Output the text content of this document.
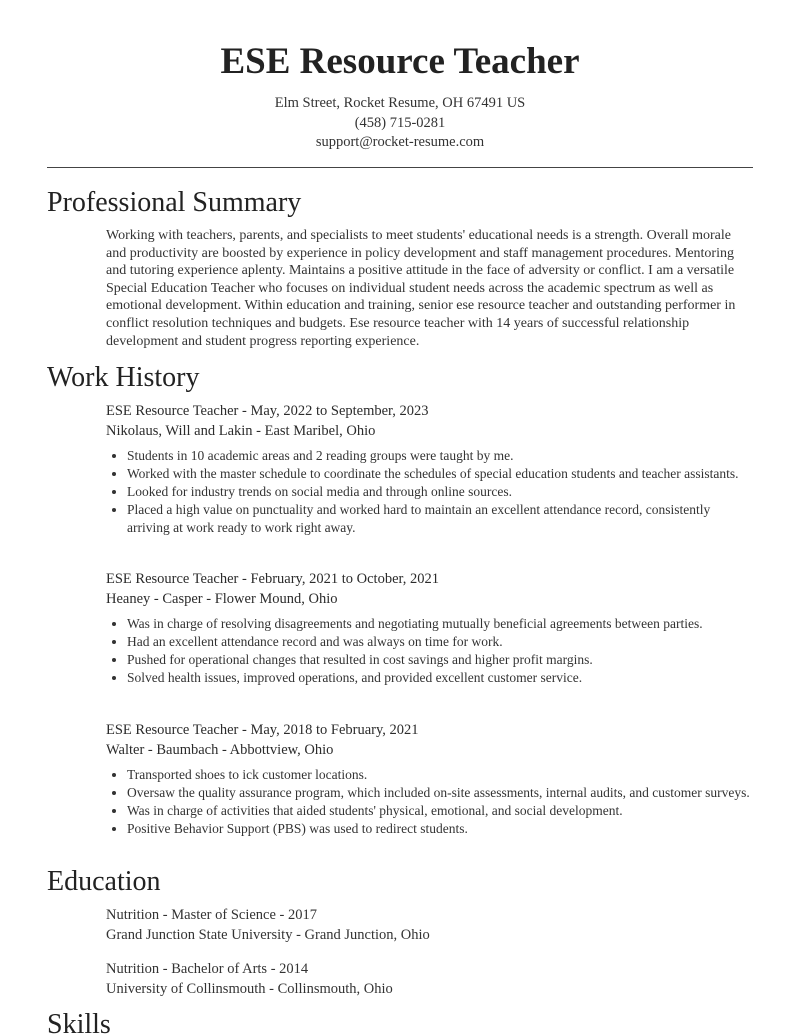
ESE Resource Teacher
Elm Street, Rocket Resume, OH 67491 US
(458) 715-0281
support@rocket-resume.com
Professional Summary

Working with teachers, parents, and specialists to meet students' educational needs is a strength. Overall morale and productivity are boosted by experience in policy development and staff management procedures. Mentoring and tutoring experience aplenty. Maintains a positive attitude in the face of adversity or conflict. I am a versatile Special Education Teacher who focuses on individual student needs across the academic spectrum as well as emotional development. Within education and training, senior ese resource teacher and outstanding performer in conflict resolution techniques and budgets. Ese resource teacher with 14 years of successful relationship development and student progress reporting experience.

Work History

ESE Resource Teacher - May, 2022 to September, 2023

Nikolaus, Will and Lakin - East Maribel, Ohio

• Students in 10 academic areas and 2 reading groups were taught by me.
• Worked with the master schedule to coordinate the schedules of special education students and teacher assistants.
• Looked for industry trends on social media and through online sources.
• Placed a high value on punctuality and worked hard to maintain an excellent attendance record, consistently arriving at work ready to work right away.

ESE Resource Teacher - February, 2021 to October, 2021

Heaney - Casper - Flower Mound, Ohio

• Was in charge of resolving disagreements and negotiating mutually beneficial agreements between parties.
• Had an excellent attendance record and was always on time for work.
• Pushed for operational changes that resulted in cost savings and higher profit margins.
• Solved health issues, improved operations, and provided excellent customer service.

ESE Resource Teacher - May, 2018 to February, 2021

Walter - Baumbach - Abbottview, Ohio

• Transported shoes to ick customer locations.
• Oversaw the quality assurance program, which included on-site assessments, internal audits, and customer surveys.
• Was in charge of activities that aided students' physical, emotional, and social development.
• Positive Behavior Support (PBS) was used to redirect students.
Education

Nutrition - Master of Science - 2017

Grand Junction State University - Grand Junction, Ohio

Nutrition - Bachelor of Arts - 2014

University of Collinsmouth - Collinsmouth, Ohio

Skills
